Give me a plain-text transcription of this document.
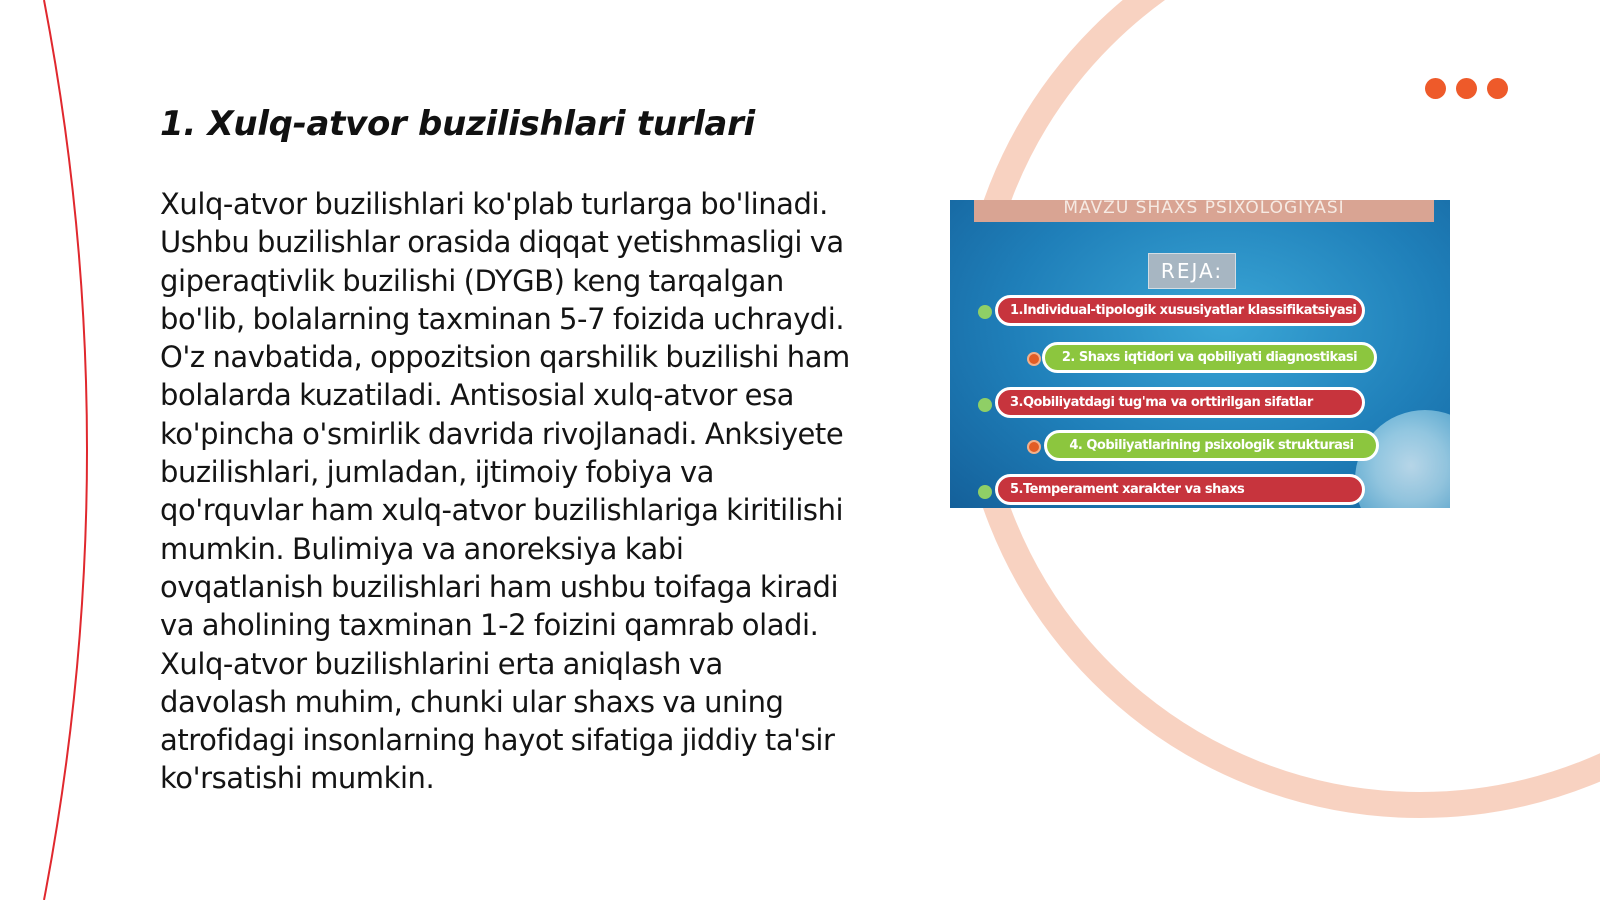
1. Xulq-atvor buzilishlari turlari

Xulq-atvor buzilishlari ko'plab turlarga bo'linadi. Ushbu buzilishlar orasida diqqat yetishmasligi va giperaqtivlik buzilishi (DYGB) keng tarqalgan bo'lib, bolalarning taxminan 5-7 foizida uchraydi. O'z navbatida, oppozitsion qarshilik buzilishi ham bolalarda kuzatiladi. Antisosial xulq-atvor esa ko'pincha o'smirlik davrida rivojlanadi. Anksiyete buzilishlari, jumladan, ijtimoiy fobiya va qo'rquvlar ham xulq-atvor buzilishlariga kiritilishi mumkin. Bulimiya va anoreksiya kabi ovqatlanish buzilishlari ham ushbu toifaga kiradi va aholining taxminan 1-2 foizini qamrab oladi. Xulq-atvor buzilishlarini erta aniqlash va davolash muhim, chunki ular shaxs va uning atrofidagi insonlarning hayot sifatiga jiddiy ta'sir ko'rsatishi mumkin.

MAVZU SHAXS PSIXOLOGIYASI
REJA:
1.Individual-tipologik xususiyatlar klassifikatsiyasi
2. Shaxs iqtidori va qobiliyati diagnostikasi
3.Qobiliyatdagi tug'ma va orttirilgan sifatlar
4. Qobiliyatlarining psixologik strukturasi
5.Temperament xarakter va shaxs
